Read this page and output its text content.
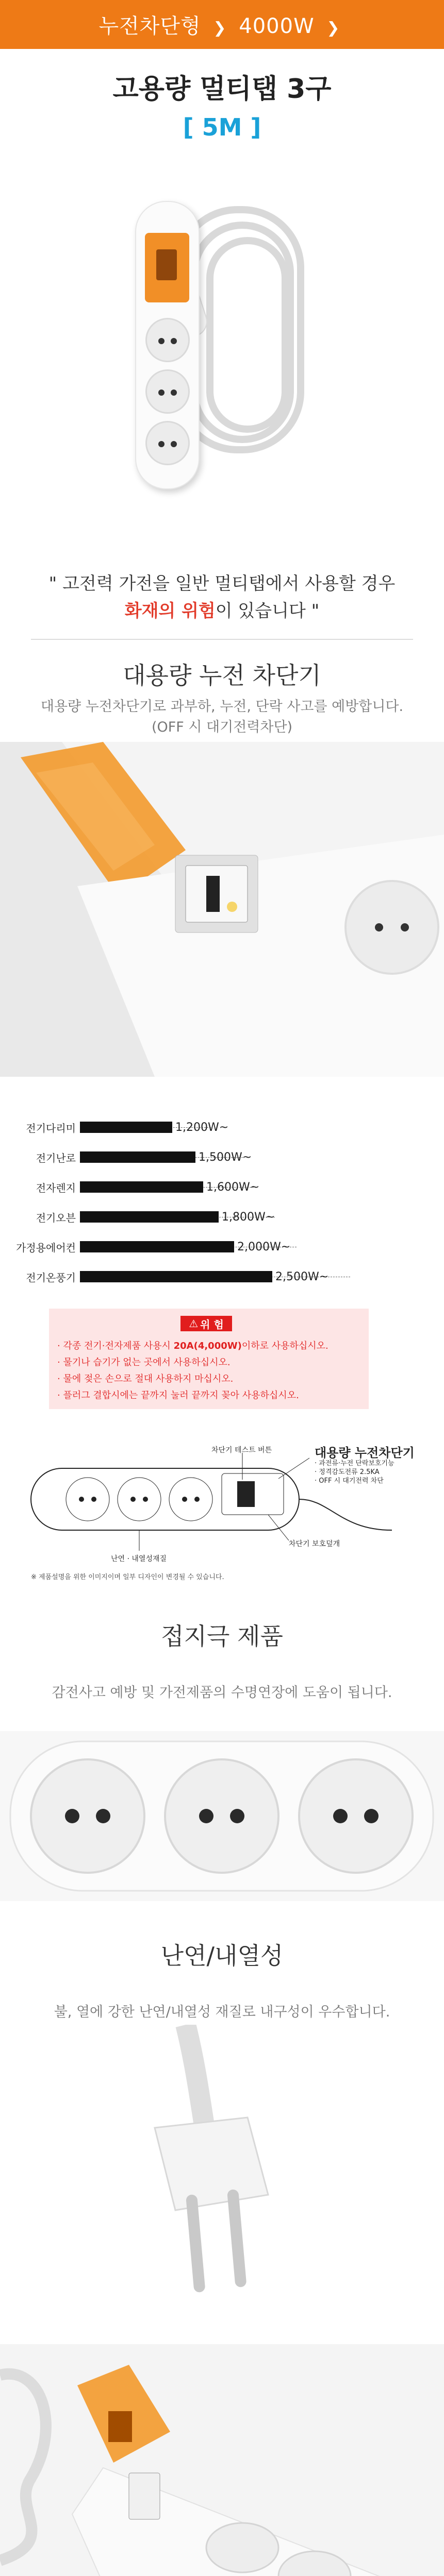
누전차단형 ❯ 4000W ❯
고용량 멀티탭 3구
[ 5M ]
" 고전력 가전을 일반 멀티탭에서 사용할 경우
화재의 위험이 있습니다 "
대용량 누전 차단기
대용량 누전차단기로 과부하, 누전, 단락 사고를 예방합니다.
(OFF 시 대기전력차단)
전기다리미	1,200W~
전기난로	1,500W~
전자렌지	1,600W~
전기오븐	1,800W~
가정용에어컨	2,000W~
전기온풍기	2,500W~
⚠ 위 험
· 각종 전기·전자제품 사용시 20A(4,000W)이하로 사용하십시오.
· 물기나 습기가 없는 곳에서 사용하십시오.
· 물에 젖은 손으로 절대 사용하지 마십시오.
· 플러그 결합시에는 끝까지 눌러 끝까지 꽂아 사용하십시오.
대용량 누전차단기
· 과전류·누전 단락보호기능
· 정격감도전류 2.5KA
· OFF 시 대기전력 차단
차단기 테스트 버튼
차단기 보호덮개
난연 · 내열성재질
※ 제품설명을 위한 이미지이며 일부 디자인이 변경될 수 있습니다.
접지극 제품
감전사고 예방 및 가전제품의 수명연장에 도움이 됩니다.
난연/내열성
불, 열에 강한 난연/내열성 재질로 내구성이 우수합니다.
